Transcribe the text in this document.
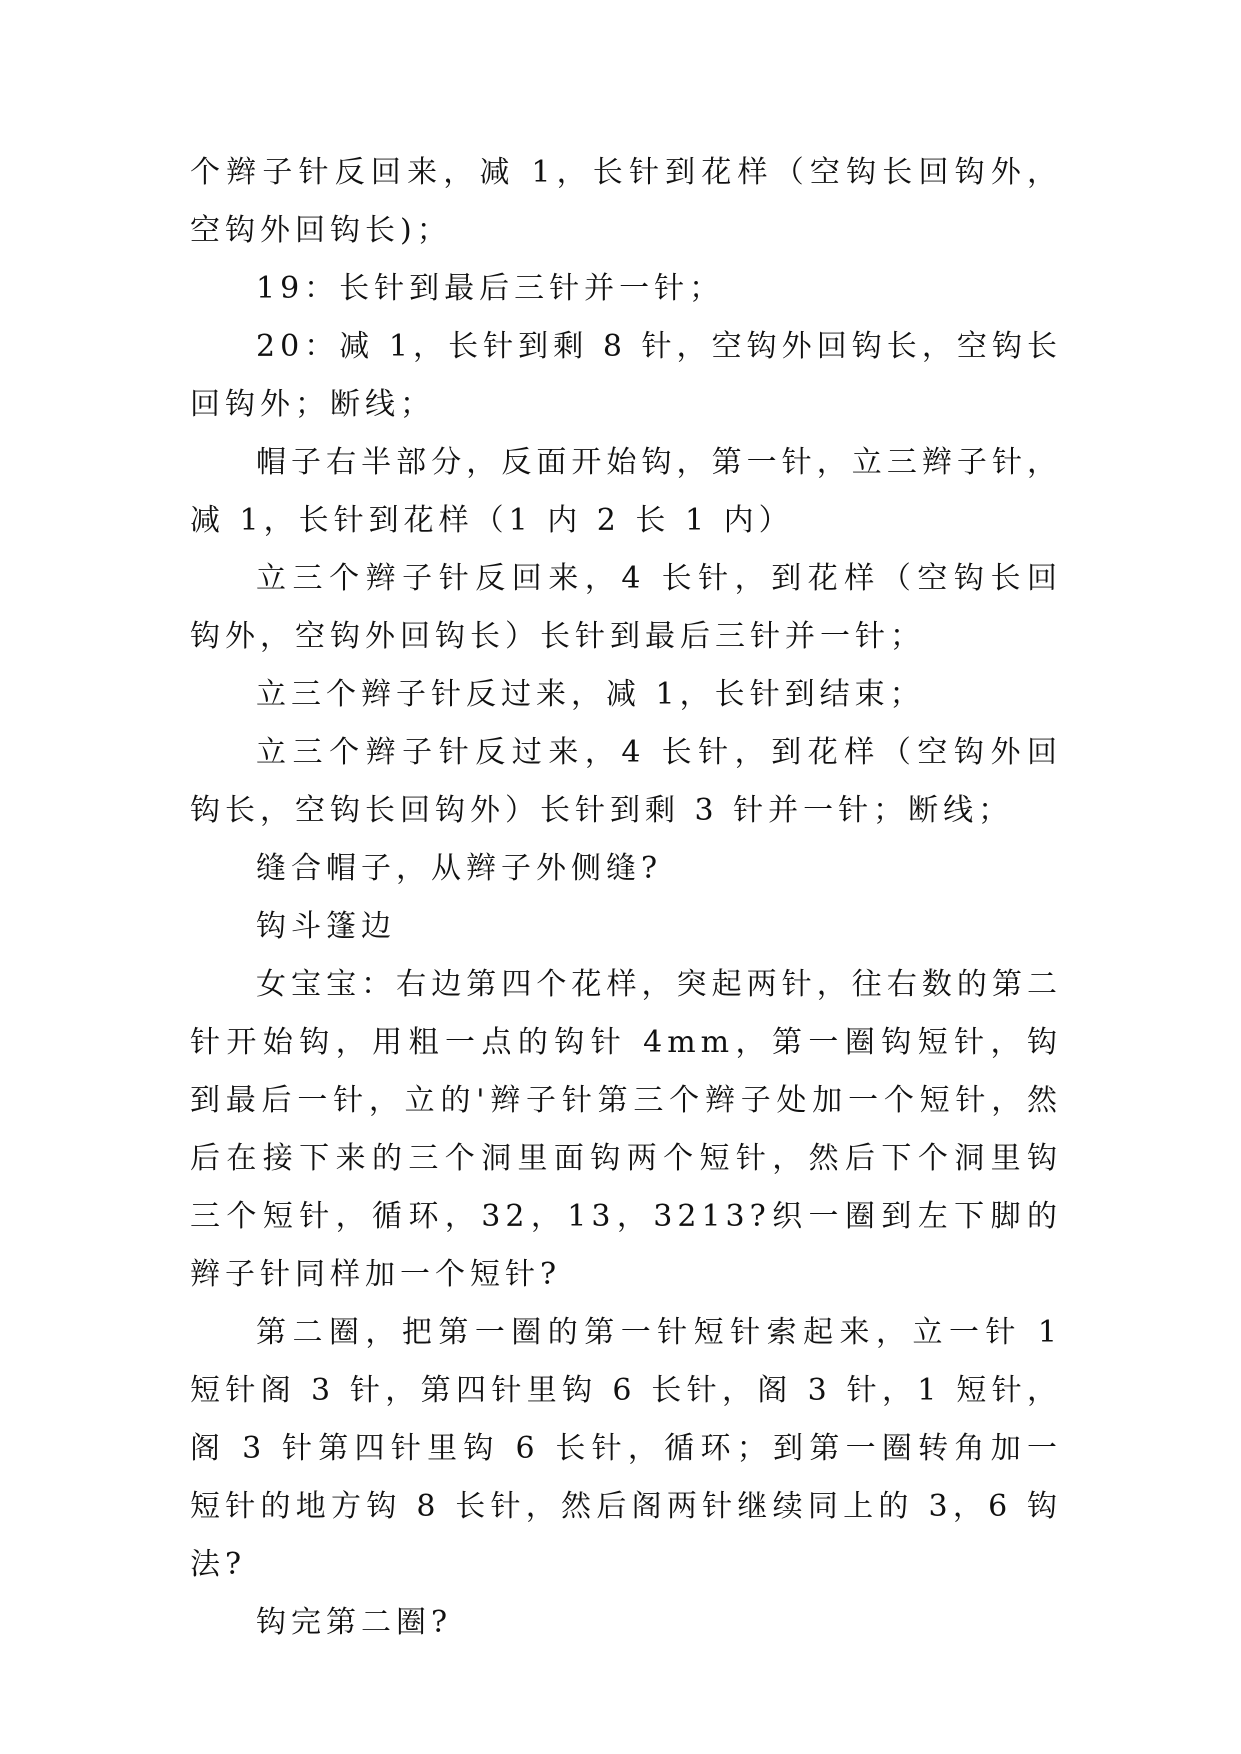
个辫子针反回来，减 1，长针到花样（空钩长回钩外，空钩外回钩长)；

19：长针到最后三针并一针；

20：减 1，长针到剩 8 针，空钩外回钩长，空钩长回钩外；断线；

帽子右半部分，反面开始钩，第一针，立三辫子针，减 1，长针到花样（1 内 2 长 1 内）

立三个辫子针反回来，4 长针，到花样（空钩长回钩外，空钩外回钩长）长针到最后三针并一针；

立三个辫子针反过来，减 1，长针到结束；

立三个辫子针反过来，4 长针，到花样（空钩外回钩长，空钩长回钩外）长针到剩 3 针并一针；断线；

缝合帽子，从辫子外侧缝?

钩斗篷边

女宝宝：右边第四个花样，突起两针，往右数的第二针开始钩，用粗一点的钩针 4mm，第一圈钩短针，钩到最后一针，立的'辫子针第三个辫子处加一个短针，然后在接下来的三个洞里面钩两个短针，然后下个洞里钩三个短针，循环，32，13，3213?织一圈到左下脚的辫子针同样加一个短针?

第二圈，把第一圈的第一针短针索起来，立一针 1 短针阁 3 针，第四针里钩 6 长针，阁 3 针，1 短针，阁 3 针第四针里钩 6 长针，循环；到第一圈转角加一短针的地方钩 8 长针，然后阁两针继续同上的 3，6 钩法?

钩完第二圈?
